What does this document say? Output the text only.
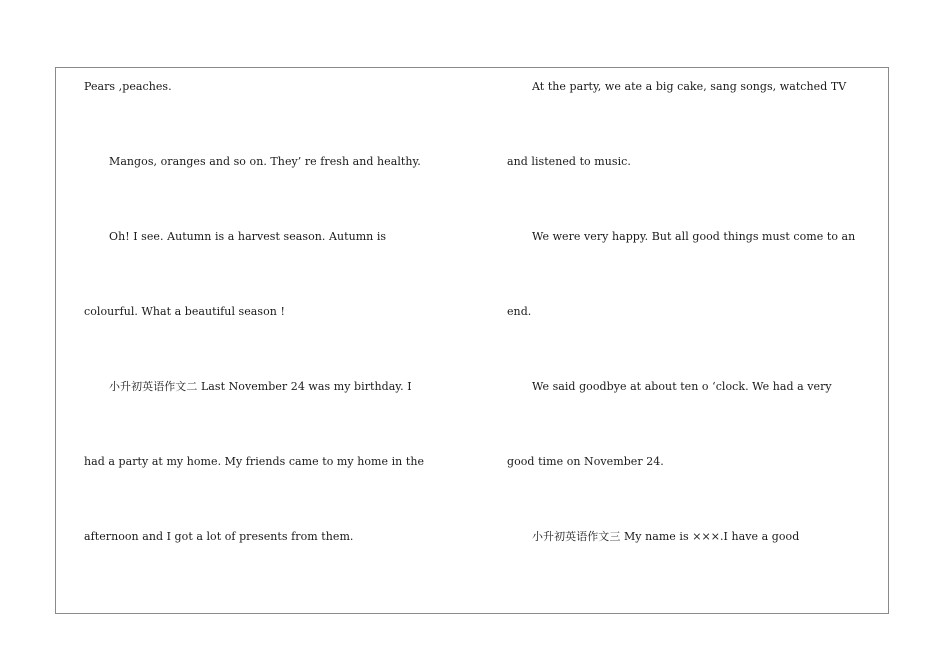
Pears ,peaches.
Mangos, oranges and so on. They’ re fresh and healthy.
Oh! I see. Autumn is a harvest season. Autumn is
colourful. What a beautiful season !
小升初英语作文二 Last November 24 was my birthday. I
had a party at my home. My friends came to my home in the
afternoon and I got a lot of presents from them.
At the party, we ate a big cake, sang songs, watched TV
and listened to music.
We were very happy. But all good things must come to an
end.
We said goodbye at about ten o ‘clock. We had a very
good time on November 24.
小升初英语作文三 My name is ×××.I have a good
